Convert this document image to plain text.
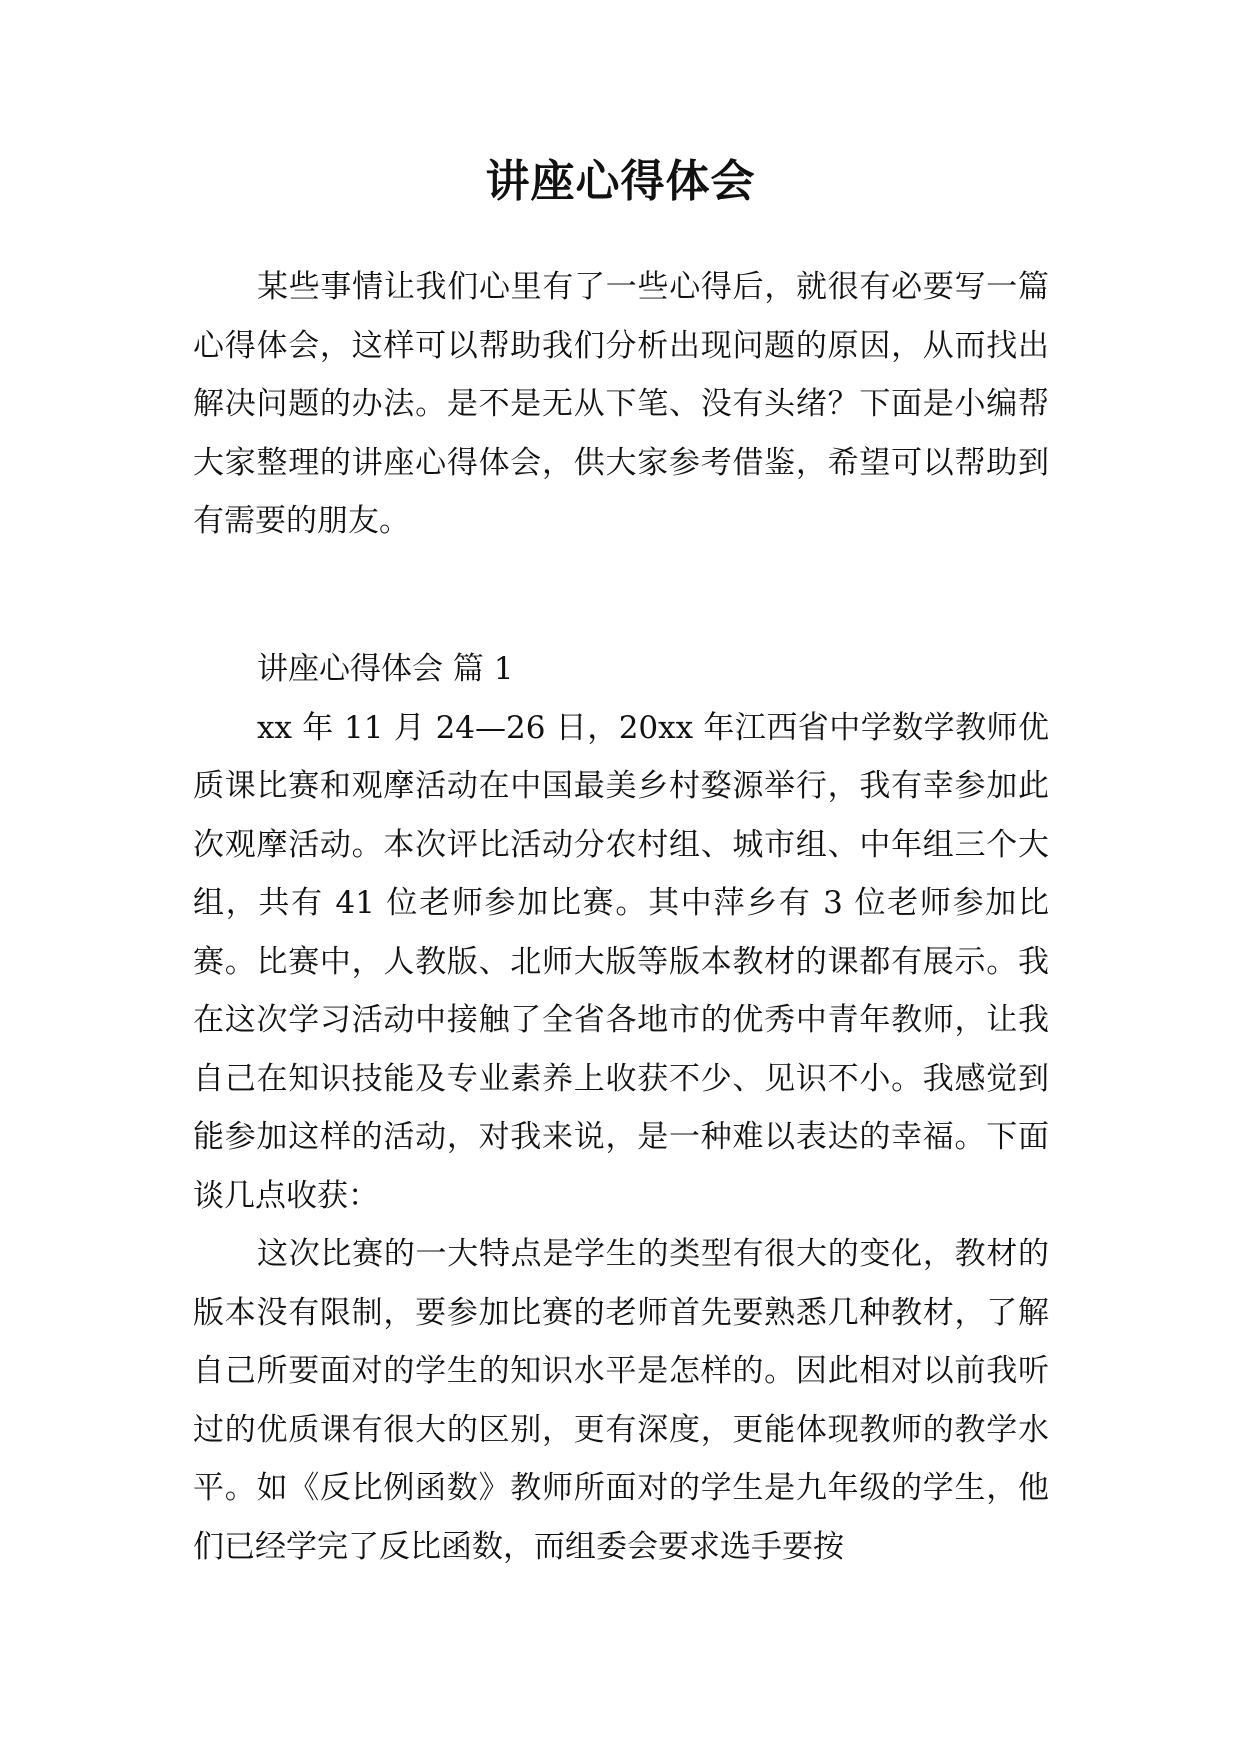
讲座心得体会

某些事情让我们心里有了一些心得后，就很有必要写一篇心得体会，这样可以帮助我们分析出现问题的原因，从而找出解决问题的办法。是不是无从下笔、没有头绪？下面是小编帮大家整理的讲座心得体会，供大家参考借鉴，希望可以帮助到有需要的朋友。

讲座心得体会 篇 1

xx 年 11 月 24—26 日，20xx 年江西省中学数学教师优质课比赛和观摩活动在中国最美乡村婺源举行，我有幸参加此次观摩活动。本次评比活动分农村组、城市组、中年组三个大组，共有 41 位老师参加比赛。其中萍乡有 3 位老师参加比赛。比赛中，人教版、北师大版等版本教材的课都有展示。我在这次学习活动中接触了全省各地市的优秀中青年教师，让我自己在知识技能及专业素养上收获不少、见识不小。我感觉到能参加这样的活动，对我来说，是一种难以表达的幸福。下面谈几点收获：

这次比赛的一大特点是学生的类型有很大的变化，教材的版本没有限制，要参加比赛的老师首先要熟悉几种教材，了解自己所要面对的学生的知识水平是怎样的。因此相对以前我听过的优质课有很大的区别，更有深度，更能体现教师的教学水平。如《反比例函数》教师所面对的学生是九年级的学生，他们已经学完了反比函数，而组委会要求选手要按
